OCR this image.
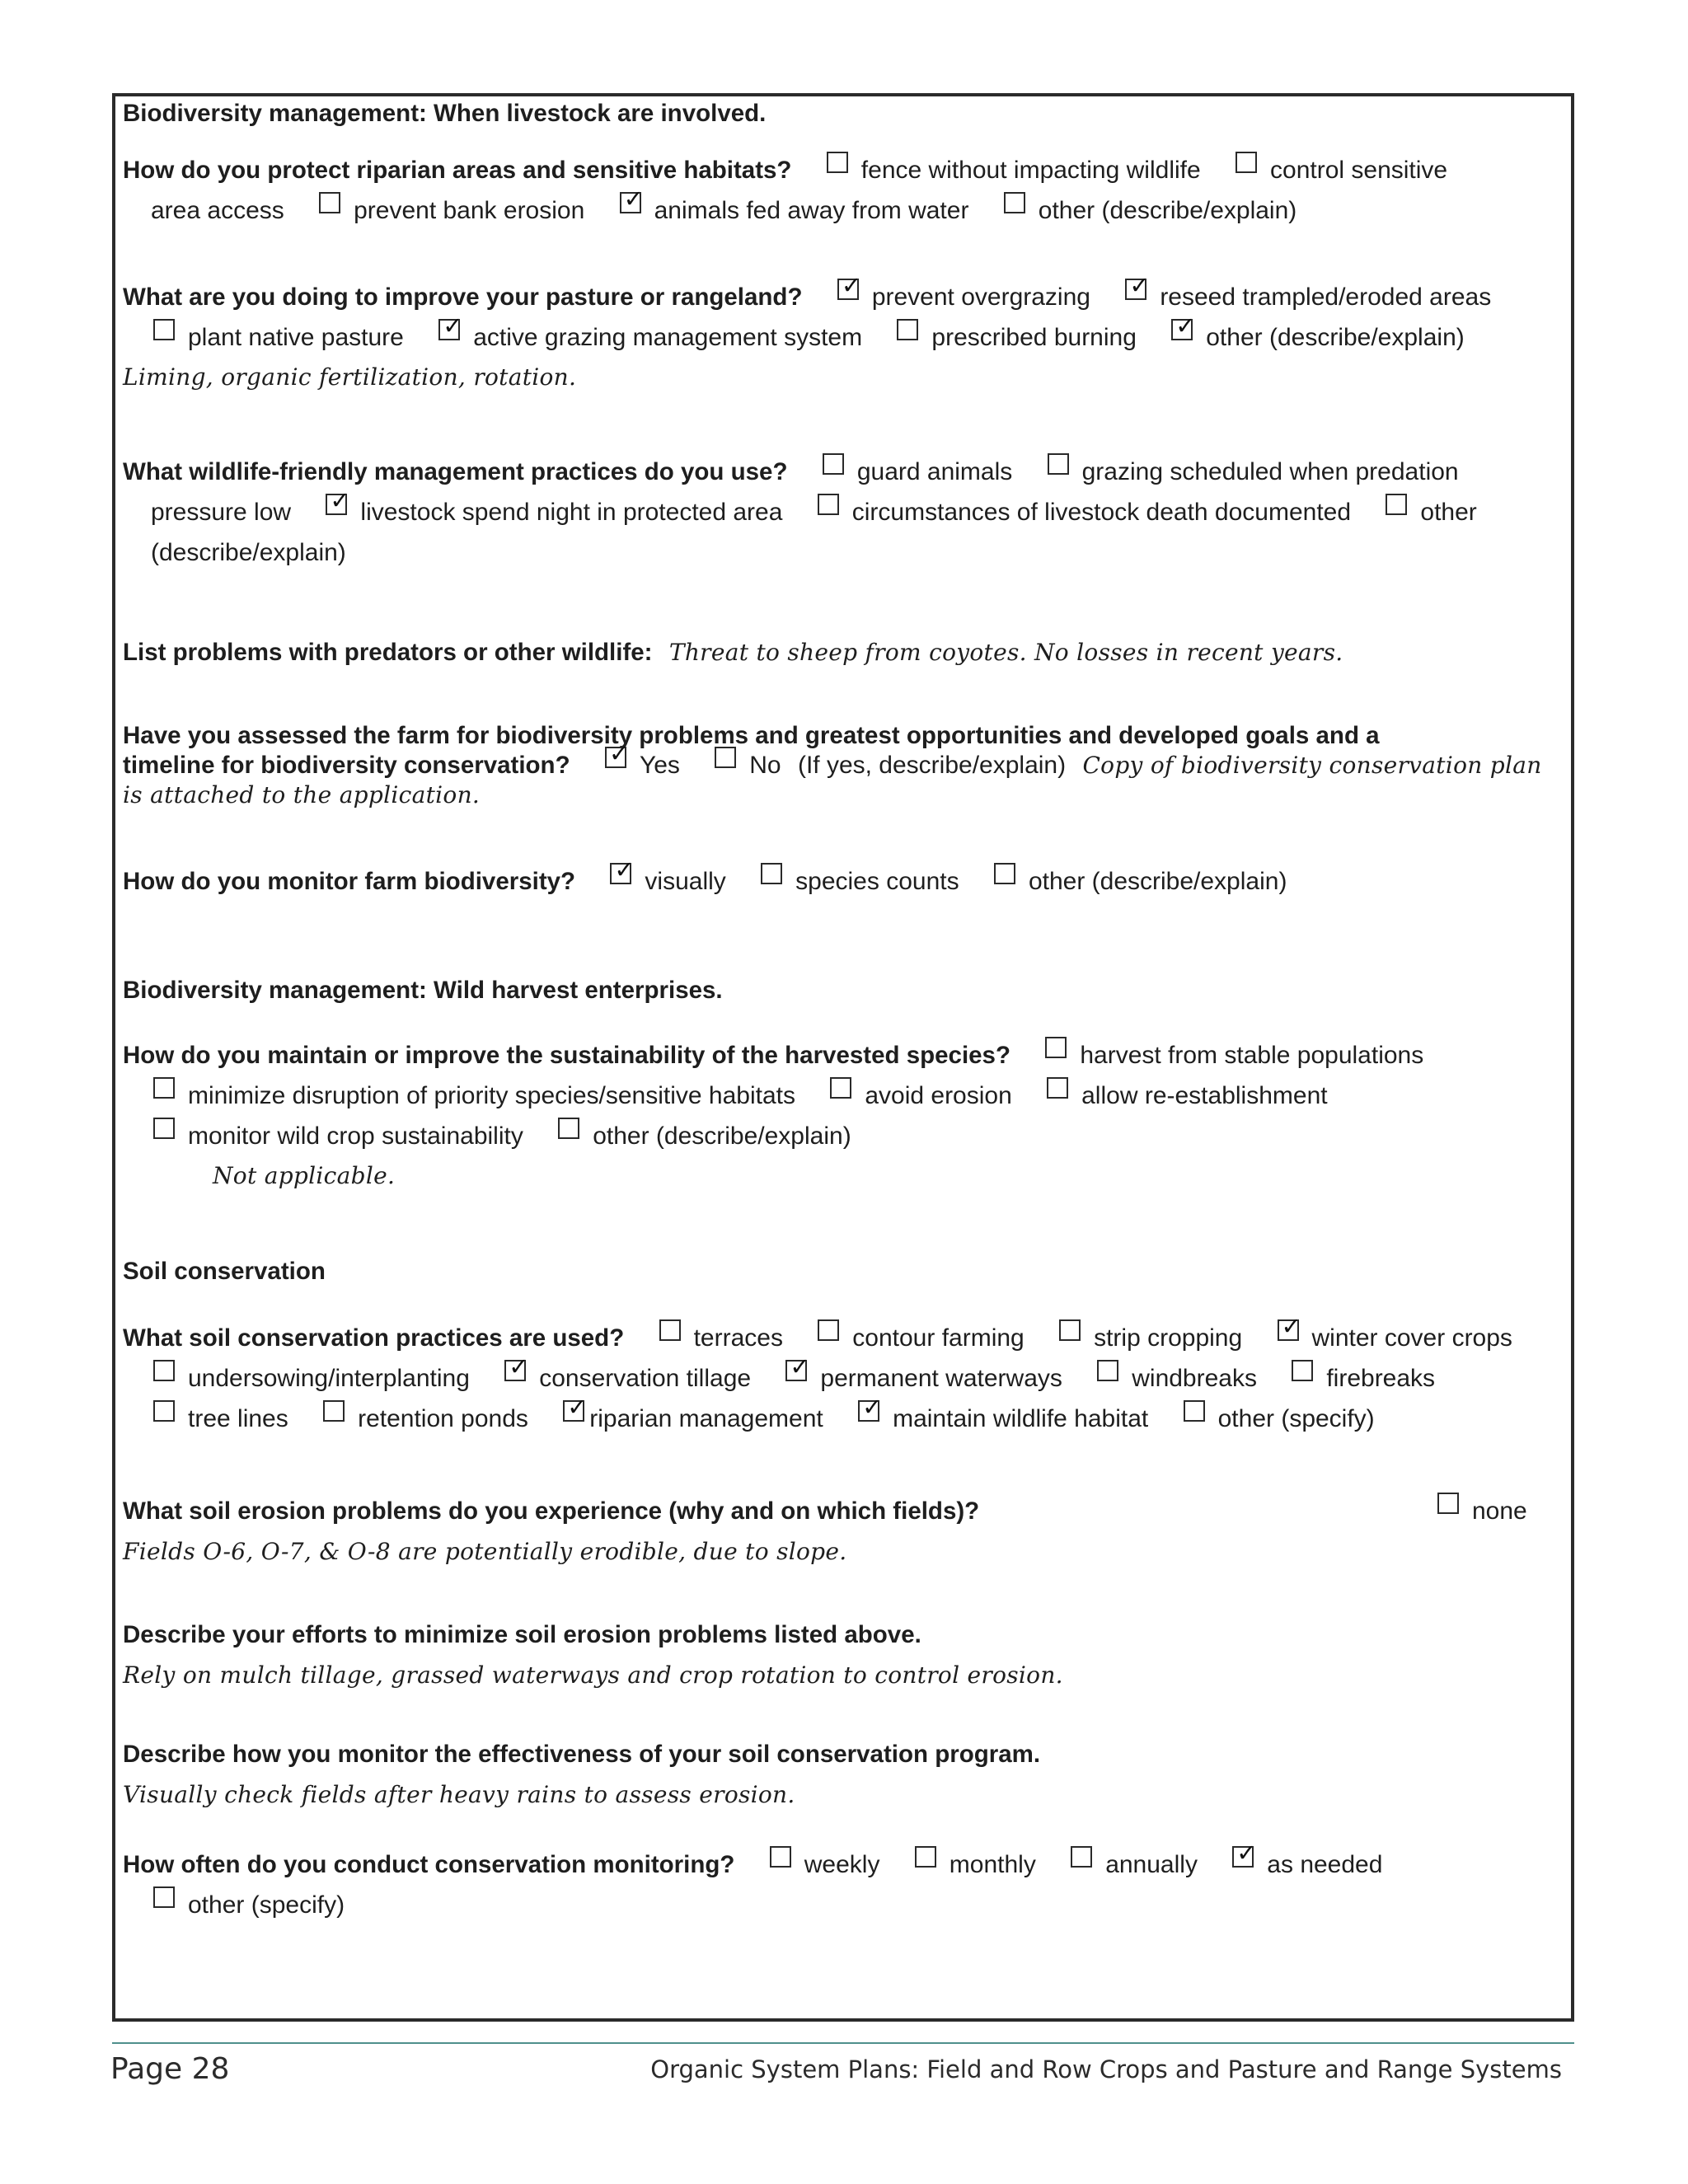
Biodiversity management: When livestock are involved.
How do you protect riparian areas and sensitive habitats?	fence without impacting wildlife	control sensitive
area access	prevent bank erosion ✓	animals fed away from water	other (describe/explain)
What are you doing to improve your pasture or rangeland? ✓	prevent overgrazing ✓	reseed trampled/eroded areas
plant native pasture ✓	active grazing management system	prescribed burning ✓	other (describe/explain)
Liming, organic fertilization, rotation.
What wildlife-friendly management practices do you use?	guard animals	grazing scheduled when predation
pressure low ✓	livestock spend night in protected area	circumstances of livestock death documented	other
(describe/explain)
List problems with predators or other wildlife: Threat to sheep from coyotes. No losses in recent years.
Have you assessed the farm for biodiversity problems and greatest opportunities and developed goals and a
timeline for biodiversity conservation? ✓	Yes	No (If yes, describe/explain) Copy of biodiversity conservation plan
is attached to the application.
How do you monitor farm biodiversity? ✓	visually	species counts	other (describe/explain)
Biodiversity management: Wild harvest enterprises.
How do you maintain or improve the sustainability of the harvested species?	harvest from stable populations
minimize disruption of priority species/sensitive habitats	avoid erosion	allow re-establishment
monitor wild crop sustainability	other (describe/explain)
Not applicable.
Soil conservation
What soil conservation practices are used?	terraces	contour farming	strip cropping ✓	winter cover crops
undersowing/interplanting ✓	conservation tillage ✓	permanent waterways	windbreaks	firebreaks
tree lines	retention ponds ✓ riparian management ✓	maintain wildlife habitat	other (specify)
What soil erosion problems do you experience (why and on which fields)?	none
Fields O-6, O-7, & O-8 are potentially erodible, due to slope.
Describe your efforts to minimize soil erosion problems listed above.
Rely on mulch tillage, grassed waterways and crop rotation to control erosion.
Describe how you monitor the effectiveness of your soil conservation program.
Visually check fields after heavy rains to assess erosion.
How often do you conduct conservation monitoring?	weekly	monthly	annually ✓	as needed
other (specify)
Page 28	Organic System Plans: Field and Row Crops and Pasture and Range Systems
